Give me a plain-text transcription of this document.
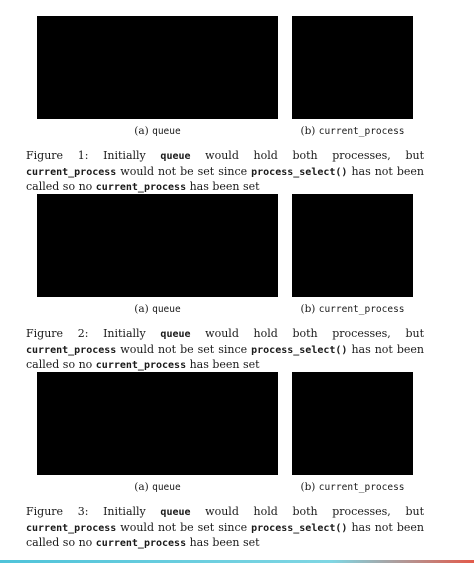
(a) queue	(b) current_process
Figure 1: Initially queue would hold both processes, but current_process would not be set since process_select() has not been called so no current_process has been set
(a) queue	(b) current_process
Figure 2: Initially queue would hold both processes, but current_process would not be set since process_select() has not been called so no current_process has been set
(a) queue	(b) current_process
Figure 3: Initially queue would hold both processes, but current_process would not be set since process_select() has not been called so no current_process has been set
